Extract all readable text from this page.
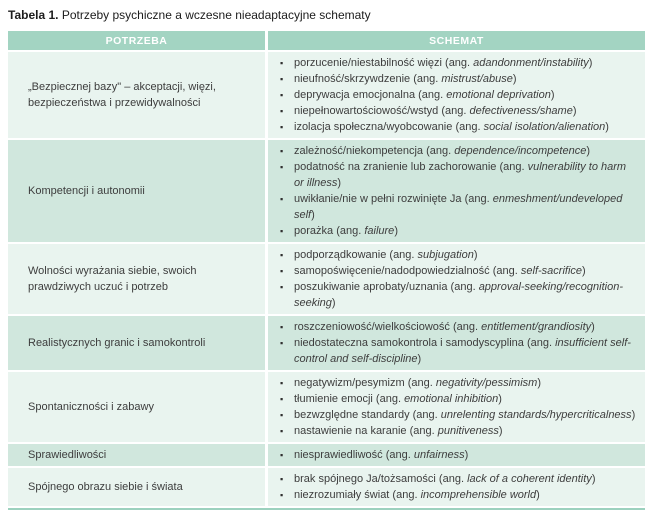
Tabela 1. Potrzeby psychiczne a wczesne nieadaptacyjne schematy
POTRZEBA	SCHEMAT
„Bezpiecznej bazy" – akceptacji, więzi, bezpieczeństwa i przewidywalności
▪ porzucenie/niestabilność więzi (ang. adandonment/instability)
▪ nieufność/skrzywdzenie (ang. mistrust/abuse)
▪ deprywacja emocjonalna (ang. emotional deprivation)
▪ niepełnowartościowość/wstyd (ang. defectiveness/shame)
▪ izolacja społeczna/wyobcowanie (ang. social isolation/alienation)
Kompetencji i autonomii
▪ zależność/niekompetencja (ang. dependence/incompetence)
▪ podatność na zranienie lub zachorowanie (ang. vulnerability to harm or illness)
▪ uwikłanie/nie w pełni rozwinięte Ja (ang. enmeshment/undeveloped self)
▪ porażka (ang. failure)
Wolności wyrażania siebie, swoich prawdziwych uczuć i potrzeb
▪ podporządkowanie (ang. subjugation)
▪ samopoświęcenie/nadodpowiedzialność (ang. self-sacrifice)
▪ poszukiwanie aprobaty/uznania (ang. approval-seeking/recognition-seeking)
Realistycznych granic i samokontroli
▪ roszczeniowość/wielkościowość (ang. entitlement/grandiosity)
▪ niedostateczna samokontrola i samodyscyplina (ang. insufficient self-control and self-discipline)
Spontaniczności i zabawy
▪ negatywizm/pesymizm (ang. negativity/pessimism)
▪ tłumienie emocji (ang. emotional inhibition)
▪ bezwzględne standardy (ang. unrelenting standards/hypercriticalness)
▪ nastawienie na karanie (ang. punitiveness)
Sprawiedliwości	▪ niesprawiedliwość (ang. unfairness)
Spójnego obrazu siebie i świata
▪ brak spójnego Ja/tożsamości (ang. lack of a coherent identity)
▪ niezrozumiały świat (ang. incomprehensible world)
